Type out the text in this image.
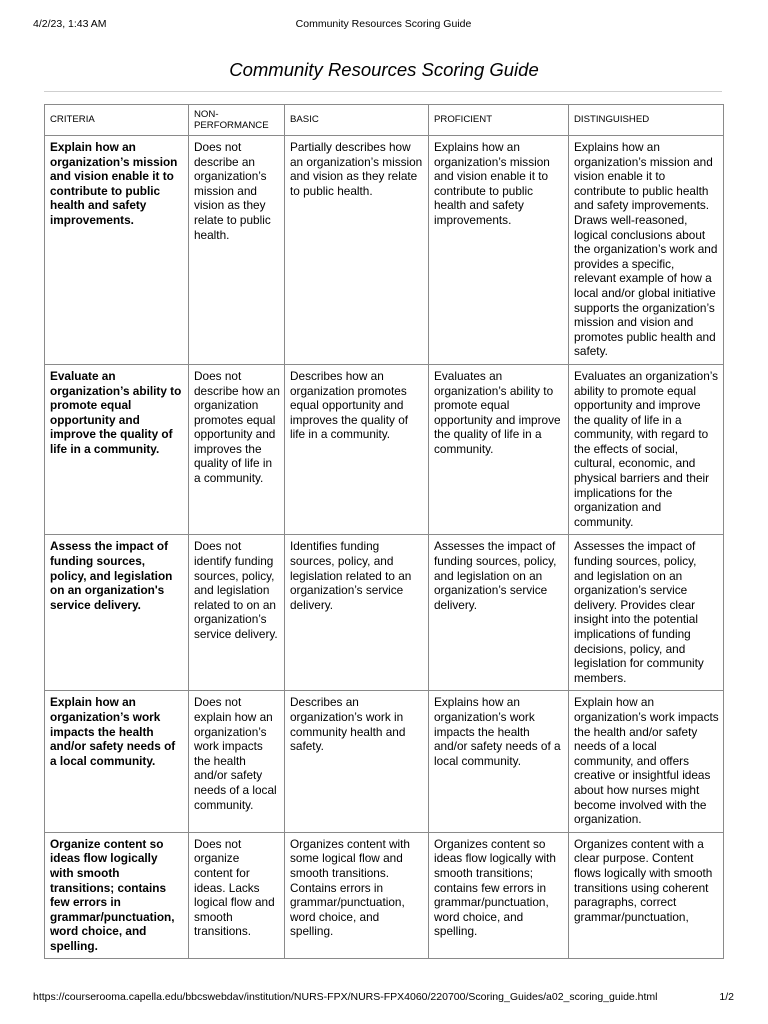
4/2/23, 1:43 AM	Community Resources Scoring Guide
Community Resources Scoring Guide
CRITERIA	NON-PERFORMANCE	BASIC	PROFICIENT	DISTINGUISHED
Explain how an organization’s mission and vision enable it to contribute to public health and safety improvements.	Does not describe an organization’s mission and vision as they relate to public health.	Partially describes how an organization’s mission and vision as they relate to public health.	Explains how an organization’s mission and vision enable it to contribute to public health and safety improvements.	Explains how an organization’s mission and vision enable it to contribute to public health and safety improvements. Draws well-reasoned, logical conclusions about the organization’s work and provides a specific, relevant example of how a local and/or global initiative supports the organization’s mission and vision and promotes public health and safety.
Evaluate an organization’s ability to promote equal opportunity and improve the quality of life in a community.	Does not describe how an organization promotes equal opportunity and improves the quality of life in a community.	Describes how an organization promotes equal opportunity and improves the quality of life in a community.	Evaluates an organization’s ability to promote equal opportunity and improve the quality of life in a community.	Evaluates an organization’s ability to promote equal opportunity and improve the quality of life in a community, with regard to the effects of social, cultural, economic, and physical barriers and their implications for the organization and community.
Assess the impact of funding sources, policy, and legislation on an organization's service delivery.	Does not identify funding sources, policy, and legislation related to on an organization’s service delivery.	Identifies funding sources, policy, and legislation related to an organization’s service delivery.	Assesses the impact of funding sources, policy, and legislation on an organization’s service delivery.	Assesses the impact of funding sources, policy, and legislation on an organization’s service delivery. Provides clear insight into the potential implications of funding decisions, policy, and legislation for community members.
Explain how an organization’s work impacts the health and/or safety needs of a local community.	Does not explain how an organization’s work impacts the health and/or safety needs of a local community.	Describes an organization’s work in community health and safety.	Explains how an organization’s work impacts the health and/or safety needs of a local community.	Explain how an organization’s work impacts the health and/or safety needs of a local community, and offers creative or insightful ideas about how nurses might become involved with the organization.
Organize content so ideas flow logically with smooth transitions; contains few errors in grammar/punctuation, word choice, and spelling.	Does not organize content for ideas. Lacks logical flow and smooth transitions.	Organizes content with some logical flow and smooth transitions. Contains errors in grammar/punctuation, word choice, and spelling.	Organizes content so ideas flow logically with smooth transitions; contains few errors in grammar/punctuation, word choice, and spelling.	Organizes content with a clear purpose. Content flows logically with smooth transitions using coherent paragraphs, correct grammar/punctuation,
https://courserooma.capella.edu/bbcswebdav/institution/NURS-FPX/NURS-FPX4060/220700/Scoring_Guides/a02_scoring_guide.html	1/2
